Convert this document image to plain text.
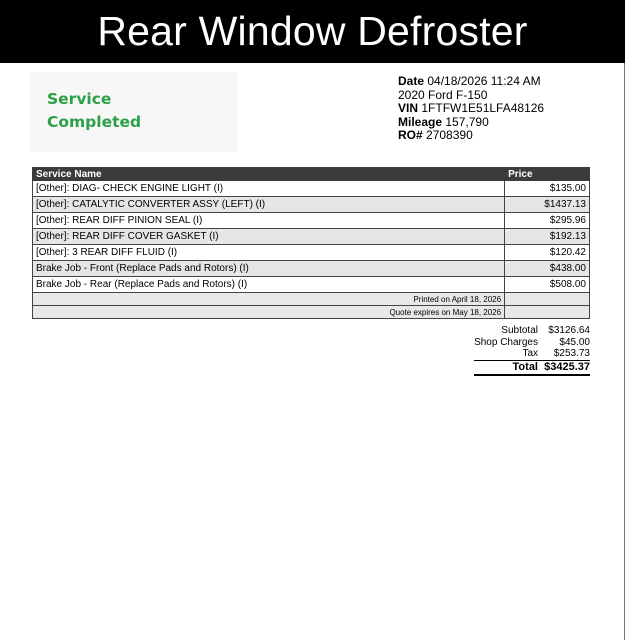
Rear Window Defroster
Service
Completed
Date 04/18/2026 11:24 AM
2020 Ford F-150
VIN 1FTFW1E51LFA48126
Mileage 157,790
RO# 2708390
Service Name	Price
[Other]: DIAG- CHECK ENGINE LIGHT (I)	$135.00
[Other]: CATALYTIC CONVERTER ASSY (LEFT) (I)	$1437.13
[Other]: REAR DIFF PINION SEAL (I)	$295.96
[Other]: REAR DIFF COVER GASKET (I)	$192.13
[Other]: 3 REAR DIFF FLUID (I)	$120.42
Brake Job - Front (Replace Pads and Rotors) (I)	$438.00
Brake Job - Rear (Replace Pads and Rotors) (I)	$508.00
Printed on April 18, 2026	
Quote expires on May 18, 2026	
Subtotal	$3126.64
Shop Charges	$45.00
Tax	$253.73
Total $3425.37
